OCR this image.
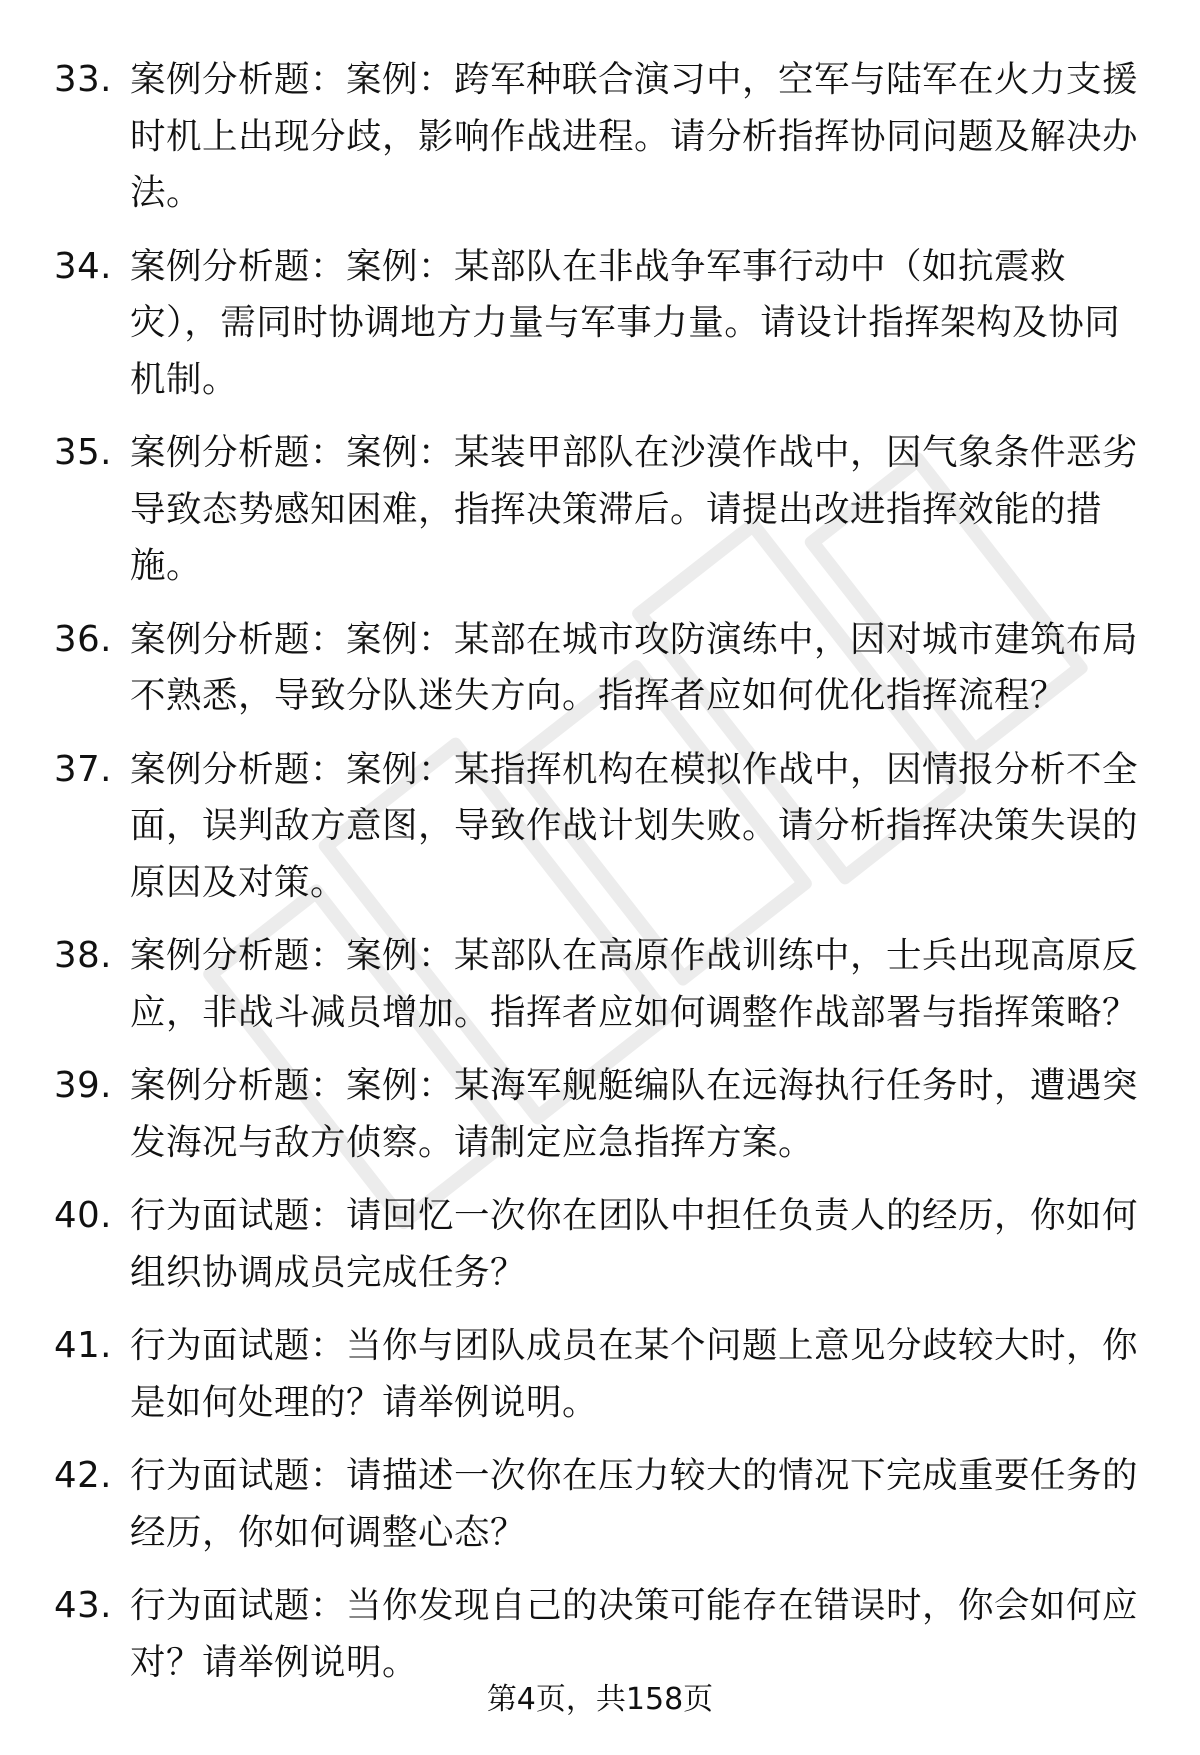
33. 案例分析题：案例：跨军种联合演习中，空军与陆军在火力支援时机上出现分歧，影响作战进程。请分析指挥协同问题及解决办法。
34. 案例分析题：案例：某部队在非战争军事行动中（如抗震救灾），需同时协调地方力量与军事力量。请设计指挥架构及协同机制。
35. 案例分析题：案例：某装甲部队在沙漠作战中，因气象条件恶劣导致态势感知困难，指挥决策滞后。请提出改进指挥效能的措施。
36. 案例分析题：案例：某部在城市攻防演练中，因对城市建筑布局不熟悉，导致分队迷失方向。指挥者应如何优化指挥流程？
37. 案例分析题：案例：某指挥机构在模拟作战中，因情报分析不全面，误判敌方意图，导致作战计划失败。请分析指挥决策失误的原因及对策。
38. 案例分析题：案例：某部队在高原作战训练中，士兵出现高原反应，非战斗减员增加。指挥者应如何调整作战部署与指挥策略？
39. 案例分析题：案例：某海军舰艇编队在远海执行任务时，遭遇突发海况与敌方侦察。请制定应急指挥方案。
40. 行为面试题：请回忆一次你在团队中担任负责人的经历，你如何组织协调成员完成任务？
41. 行为面试题：当你与团队成员在某个问题上意见分歧较大时，你是如何处理的？请举例说明。
42. 行为面试题：请描述一次你在压力较大的情况下完成重要任务的经历，你如何调整心态？
43. 行为面试题：当你发现自己的决策可能存在错误时，你会如何应对？请举例说明。
第4页，共158页
